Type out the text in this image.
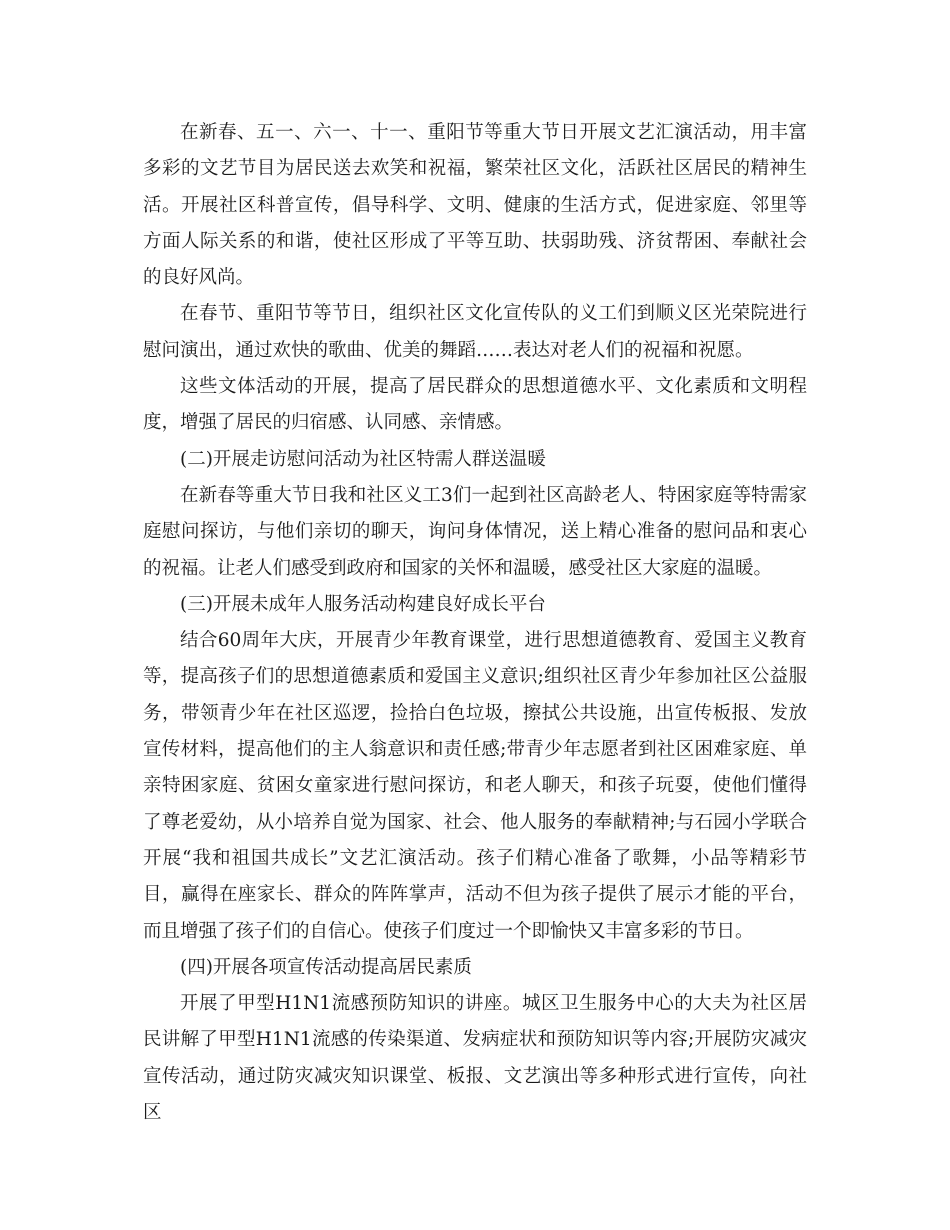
在新春、五一、六一、十一、重阳节等重大节日开展文艺汇演活动，用丰富多彩的文艺节目为居民送去欢笑和祝福，繁荣社区文化，活跃社区居民的精神生活。开展社区科普宣传，倡导科学、文明、健康的生活方式，促进家庭、邻里等方面人际关系的和谐，使社区形成了平等互助、扶弱助残、济贫帮困、奉献社会的良好风尚。

在春节、重阳节等节日，组织社区文化宣传队的义工们到顺义区光荣院进行慰问演出，通过欢快的歌曲、优美的舞蹈……表达对老人们的祝福和祝愿。

这些文体活动的开展，提高了居民群众的思想道德水平、文化素质和文明程度，增强了居民的归宿感、认同感、亲情感。

(二)开展走访慰问活动为社区特需人群送温暖

在新春等重大节日我和社区义工3们一起到社区高龄老人、特困家庭等特需家庭慰问探访，与他们亲切的聊天，询问身体情况，送上精心准备的慰问品和衷心的祝福。让老人们感受到政府和国家的关怀和温暖，感受社区大家庭的温暖。

(三)开展未成年人服务活动构建良好成长平台

结合60周年大庆，开展青少年教育课堂，进行思想道德教育、爱国主义教育等，提高孩子们的思想道德素质和爱国主义意识;组织社区青少年参加社区公益服务，带领青少年在社区巡逻，捡拾白色垃圾，擦拭公共设施，出宣传板报、发放宣传材料，提高他们的主人翁意识和责任感;带青少年志愿者到社区困难家庭、单亲特困家庭、贫困女童家进行慰问探访，和老人聊天，和孩子玩耍，使他们懂得了尊老爱幼，从小培养自觉为国家、社会、他人服务的奉献精神;与石园小学联合开展“我和祖国共成长”文艺汇演活动。孩子们精心准备了歌舞，小品等精彩节目，赢得在座家长、群众的阵阵掌声，活动不但为孩子提供了展示才能的平台，而且增强了孩子们的自信心。使孩子们度过一个即愉快又丰富多彩的节日。

(四)开展各项宣传活动提高居民素质

开展了甲型H1N1流感预防知识的讲座。城区卫生服务中心的大夫为社区居民讲解了甲型H1N1流感的传染渠道、发病症状和预防知识等内容;开展防灾减灾宣传活动，通过防灾减灾知识课堂、板报、文艺演出等多种形式进行宣传，向社区
